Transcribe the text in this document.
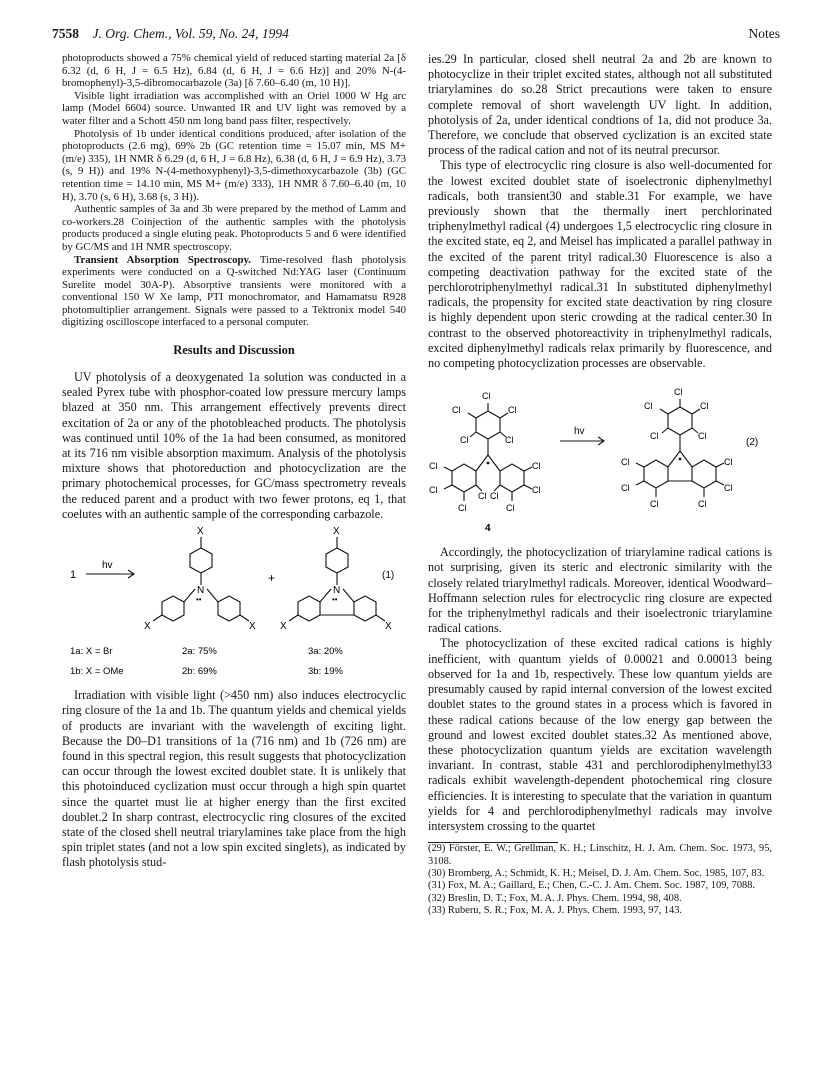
7558 J. Org. Chem., Vol. 59, No. 24, 1994	Notes

photoproducts showed a 75% chemical yield of reduced starting material 2a [δ 6.32 (d, 6 H, J = 6.5 Hz), 6.84 (d, 6 H, J = 6.6 Hz)] and 20% N-(4-bromophenyl)-3,5-dibromocarbazole (3a) [δ 7.60–6.40 (m, 10 H)].

Visible light irradiation was accomplished with an Oriel 1000 W Hg arc lamp (Model 6604) source. Unwanted IR and UV light was removed by a water filter and a Schott 450 nm long band pass filter, respectively.

Photolysis of 1b under identical conditions produced, after isolation of the photoproducts (2.6 mg), 69% 2b (GC retention time = 15.07 min, MS M+ (m/e) 335), 1H NMR δ 6.29 (d, 6 H, J = 6.8 Hz), 6.38 (d, 6 H, J = 6.9 Hz), 3.73 (s, 9 H)) and 19% N-(4-methoxyphenyl)-3,5-dimethoxycarbazole (3b) (GC retention time = 14.10 min, MS M+ (m/e) 333), 1H NMR δ 7.60–6.40 (m, 10 H), 3.70 (s, 6 H), 3.68 (s, 3 H)).

Authentic samples of 3a and 3b were prepared by the method of Lamm and co-workers.28 Coinjection of the authentic samples with the photolysis products produced a single eluting peak. Photoproducts 5 and 6 were identified by GC/MS and 1H NMR spectroscopy.

Transient Absorption Spectroscopy. Time-resolved flash photolysis experiments were conducted on a Q-switched Nd:YAG laser (Continuum Surelite model 30A-P). Absorptive transients were monitored with a conventional 150 W Xe lamp, PTI monochromator, and Hamamatsu R928 photomultiplier arrangement. Signals were passed to a Tektronix model 540 digitizing oscilloscope interfaced to a personal computer.

Results and Discussion

UV photolysis of a deoxygenated 1a solution was conducted in a sealed Pyrex tube with phosphor-coated low pressure mercury lamps blazed at 350 nm. This arrangement effectively prevents direct excitation of 2a or any of the photobleached products. The photolysis was continued until 10% of the 1a had been consumed, as monitored at its 716 nm visible absorption maximum. Analysis of the photolysis mixture shows that photoreduction and photocyclization are the primary photochemical processes, for GC/mass spectrometry reveals the reduced parent and a product with two fewer protons, eq 1, that coelutes with an authentic sample of the corresponding carbazole.

1
hv
X
N
••
X	X
+
X
N
••
X	X
(1)
1a: X = Br	2a: 75%	3a: 20%
1b: X = OMe	2b: 69%	3b: 19%

Irradiation with visible light (>450 nm) also induces electrocyclic ring closure of the 1a and 1b. The quantum yields and chemical yields of products are invariant with the wavelength of exciting light. Because the D0–D1 transitions of 1a (716 nm) and 1b (726 nm) are found in this spectral region, this result suggests that photocyclization can occur through the lowest excited doublet state. It is unlikely that this photoinduced cyclization must occur through a high spin quartet since the quartet must lie at higher energy than the first excited doublet.2 In sharp contrast, electrocyclic ring closures of the excited state of the closed shell neutral triarylamines take place from the high spin triplet states (and not a low spin excited singlets), as indicated by flash photolysis stud-

ies.29 In particular, closed shell neutral 2a and 2b are known to photocyclize in their triplet excited states, although not all substituted triarylamines do so.28 Strict precautions were taken to ensure complete removal of short wavelength UV light. In addition, photolysis of 2a, under identical condtions of 1a, did not produce 3a. Therefore, we conclude that observed cyclization is an excited state process of the radical cation and not of its neutral precursor.

This type of electrocyclic ring closure is also well-documented for the lowest excited doublet state of isoelectronic diphenylmethyl radicals, both transient30 and stable.31 For example, we have previously shown that the thermally inert perchlorinated triphenylmethyl radical (4) undergoes 1,5 electrocyclic ring closure in the excited state, eq 2, and Meisel has implicated a parallel pathway in the excited of the parent trityl radical.30 Fluorescence is also a competing deactivation pathway for the excited state of the perchlorotriphenylmethyl radical.31 In substituted diphenylmethyl radicals, the propensity for excited state deactivation by ring closure is highly dependent upon steric crowding at the radical center.30 In contrast to the observed photoreactivity in triphenylmethyl radicals, excited diphenylmethyl radicals relax primarily by fluorescence, and no competing photocyclization processes are observable.

Cl
Cl	Cl
Cl	Cl
Cl
Cl
Cl
Cl Cl
Cl
Cl
Cl
hv
Cl
Cl	Cl
Cl	Cl
Cl
Cl
Cl
Cl
Cl
Cl
(2)
4

Accordingly, the photocyclization of triarylamine radical cations is not surprising, given its steric and electronic similarity with the closely related triarylmethyl radicals. Moreover, identical Woodward–Hoffmann selection rules for electrocyclic ring closure are expected for the triphenylmethyl radicals and their isoelectronic triarylamine radical cations.

The photocyclization of these excited radical cations is highly inefficient, with quantum yields of 0.00021 and 0.00013 being observed for 1a and 1b, respectively. These low quantum yields are presumably caused by rapid internal conversion of the lowest excited doublet states to the ground states in a process which is favored in these radical cations because of the low energy gap between the ground and lowest excited doublet states.32 As mentioned above, these photocyclization quantum yields are excitation wavelength invariant. In contrast, stable 431 and perchlorodiphenylmethyl33 radicals exhibit wavelength-dependent photochemical ring closure efficiencies. It is interesting to speculate that the variation in quantum yields for 4 and perchlorodiphenylmethyl radicals may involve intersystem crossing to the quartet

(29) Förster, E. W.; Grellman, K. H.; Linschitz, H. J. Am. Chem. Soc. 1973, 95, 3108.
(30) Bromberg, A.; Schmidt, K. H.; Meisel, D. J. Am. Chem. Soc. 1985, 107, 83.
(31) Fox, M. A.; Gaillard, E.; Chen, C.-C. J. Am. Chem. Soc. 1987, 109, 7088.
(32) Breslin, D. T.; Fox, M. A. J. Phys. Chem. 1994, 98, 408.
(33) Ruberu, S. R.; Fox, M. A. J. Phys. Chem. 1993, 97, 143.
